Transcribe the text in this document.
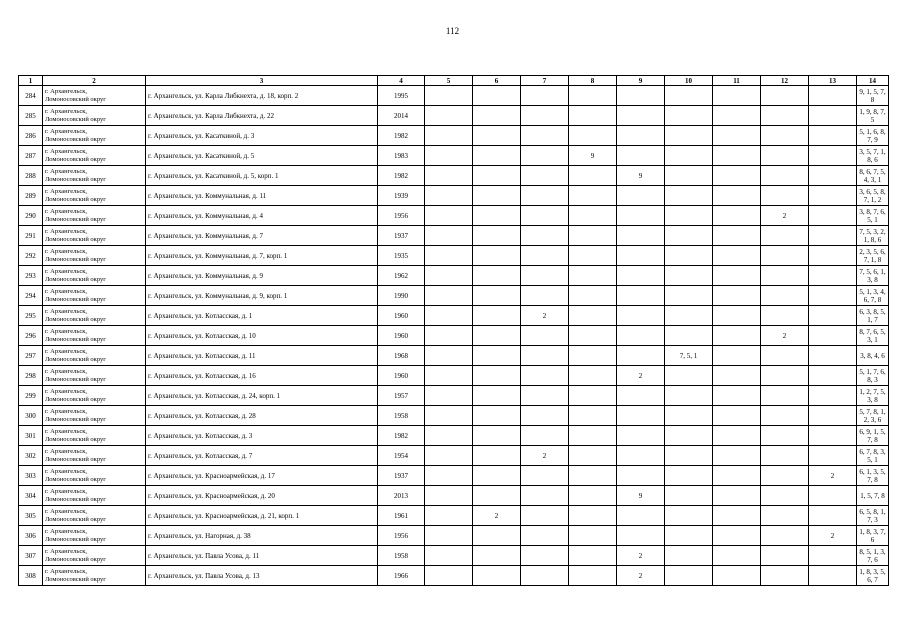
112
1	2	3	4	5	6	7	8	9	10	11	12	13	14
284	г. Архангельск,
Ломоносовский округ	г. Архангельск, ул. Карла Либкнехта, д. 18, корп. 2	1995										9, 1, 5, 7, 8
285	г. Архангельск,
Ломоносовский округ	г. Архангельск, ул. Карла Либкнехта, д. 22	2014										1, 9, 8, 7, 5
286	г. Архангельск,
Ломоносовский округ	г. Архангельск, ул. Касаткиной, д. 3	1982										5, 1, 6, 8, 7, 9
287	г. Архангельск,
Ломоносовский округ	г. Архангельск, ул. Касаткиной, д. 5	1983				9						3, 5, 7, 1, 8, 6
288	г. Архангельск,
Ломоносовский округ	г. Архангельск, ул. Касаткиной, д. 5, корп. 1	1982					9					8, 6, 7, 5, 4, 3, 1
289	г. Архангельск,
Ломоносовский округ	г. Архангельск, ул. Коммунальная, д. 11	1939										3, 6, 5, 8, 7, 1, 2
290	г. Архангельск,
Ломоносовский округ	г. Архангельск, ул. Коммунальная, д. 4	1956								2		3, 8, 7, 6, 5, 1
291	г. Архангельск,
Ломоносовский округ	г. Архангельск, ул. Коммунальная, д. 7	1937										7, 5, 3, 2, 1, 8, 6
292	г. Архангельск,
Ломоносовский округ	г. Архангельск, ул. Коммунальная, д. 7, корп. 1	1935										2, 3, 5, 6, 7, 1, 8
293	г. Архангельск,
Ломоносовский округ	г. Архангельск, ул. Коммунальная, д. 9	1962										7, 5, 6, 1, 3, 8
294	г. Архангельск,
Ломоносовский округ	г. Архангельск, ул. Коммунальная, д. 9, корп. 1	1990										5, 1, 3, 4, 6, 7, 8
295	г. Архангельск,
Ломоносовский округ	г. Архангельск, ул. Котласская, д. 1	1960			2							6, 3, 8, 5, 1, 7
296	г. Архангельск,
Ломоносовский округ	г. Архангельск, ул. Котласская, д. 10	1960								2		8, 7, 6, 5, 3, 1
297	г. Архангельск,
Ломоносовский округ	г. Архангельск, ул. Котласская, д. 11	1968						7, 5, 1				3, 8, 4, 6
298	г. Архангельск,
Ломоносовский округ	г. Архангельск, ул. Котласская, д. 16	1960					2					5, 1, 7, 6, 8, 3
299	г. Архангельск,
Ломоносовский округ	г. Архангельск, ул. Котласская, д. 24, корп. 1	1957										1, 2, 7, 5, 3, 8
300	г. Архангельск,
Ломоносовский округ	г. Архангельск, ул. Котласская, д. 28	1958										5, 7, 8, 1, 2, 3, 6
301	г. Архангельск,
Ломоносовский округ	г. Архангельск, ул. Котласская, д. 3	1982										6, 9, 1, 5, 7, 8
302	г. Архангельск,
Ломоносовский округ	г. Архангельск, ул. Котласская, д. 7	1954			2							6, 7, 8, 3, 5, 1
303	г. Архангельск,
Ломоносовский округ	г. Архангельск, ул. Красноармейская, д. 17	1937									2	6, 1, 3, 5, 7, 8
304	г. Архангельск,
Ломоносовский округ	г. Архангельск, ул. Красноармейская, д. 20	2013					9					1, 5, 7, 8
305	г. Архангельск,
Ломоносовский округ	г. Архангельск, ул. Красноармейская, д. 21, корп. 1	1961		2								6, 5, 8, 1, 7, 3
306	г. Архангельск,
Ломоносовский округ	г. Архангельск, ул. Нагорная, д. 38	1956									2	1, 8, 3, 7, 6
307	г. Архангельск,
Ломоносовский округ	г. Архангельск, ул. Павла Усова, д. 11	1958					2					8, 5, 1, 3, 7, 6
308	г. Архангельск,
Ломоносовский округ	г. Архангельск, ул. Павла Усова, д. 13	1966					2					1, 8, 3, 5, 6, 7
